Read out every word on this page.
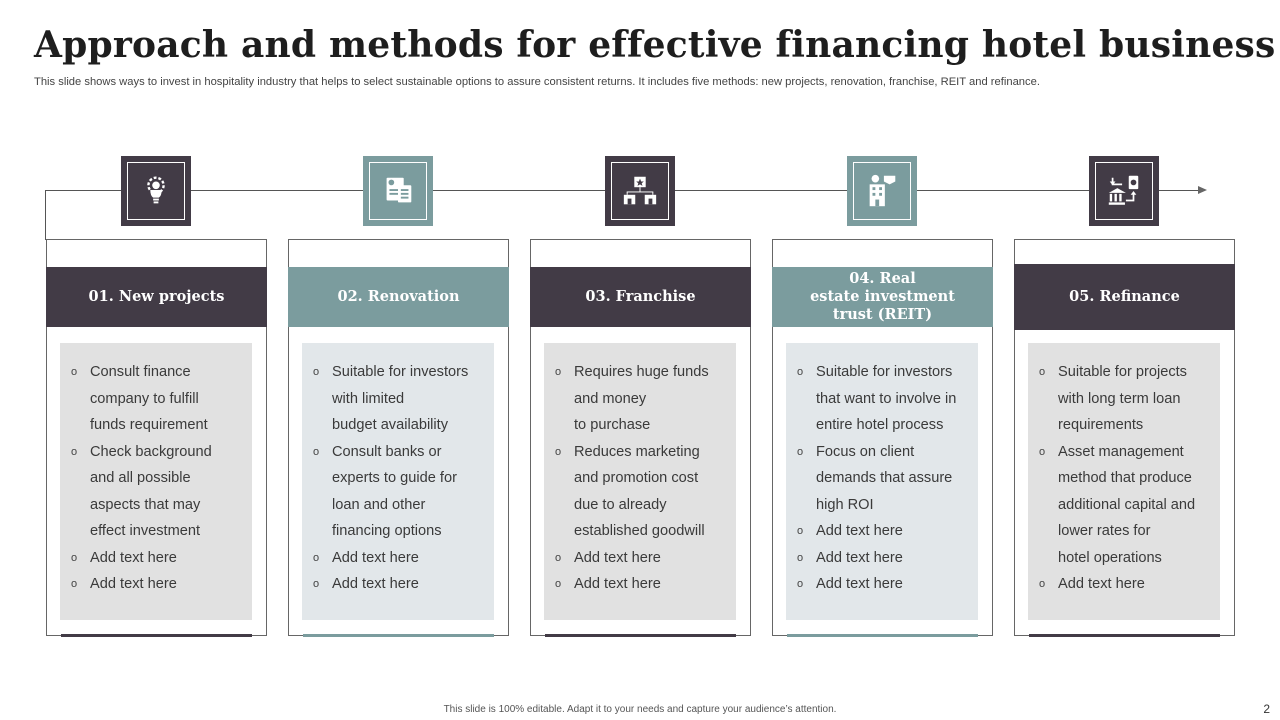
Approach and methods for effective financing hotel business
This slide shows ways to invest in hospitality industry that helps to select sustainable options to assure consistent returns. It includes five methods: new projects, renovation, franchise, REIT and refinance.
01. New projects
o Consult finance
company to fulfill
funds requirement
o Check background
and all possible
aspects that may
effect investment
o Add text here
o Add text here
02. Renovation
o Suitable for investors
with limited
budget availability
o Consult banks or
experts to guide for
loan and other
financing options
o Add text here
o Add text here
03. Franchise
o Requires huge funds
and money
to purchase
o Reduces marketing
and promotion cost
due to already
established goodwill
o Add text here
o Add text here
04. Real
estate investment
trust (REIT)
o Suitable for investors
that want to involve in
entire hotel process
o Focus on client
demands that assure
high ROI
o Add text here
o Add text here
o Add text here
05. Refinance
o Suitable for projects
with long term loan
requirements
o Asset management
method that produce
additional capital and
lower rates for
hotel operations
o Add text here
This slide is 100% editable. Adapt it to your needs and capture your audience’s attention.	2
